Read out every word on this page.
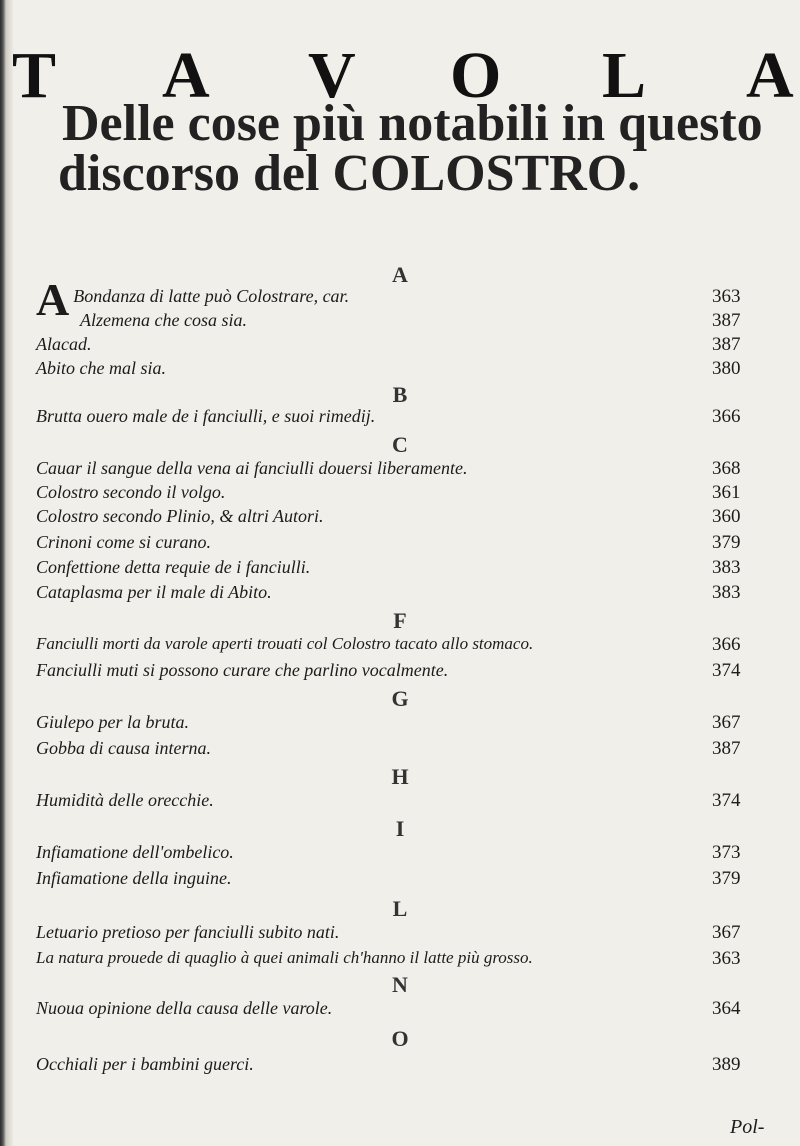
T A V O L A
Delle cose più notabili in questo
discorso del COLOSTRO.
A
A Bondanza di latte può Colostrare, car.	363
Alzemena che cosa sia.	387
Alacad.	387
Abito che mal sia.	380
B
Brutta ouero male de i fanciulli, e suoi rimedij.	366
C
Cauar il sangue della vena ai fanciulli douersi liberamente.	368
Colostro secondo il volgo.	361
Colostro secondo Plinio, & altri Autori.	360
Crinoni come si curano.	379
Confettione detta requie de i fanciulli.	383
Cataplasma per il male di Abito.	383
F
Fanciulli morti da varole aperti trouati col Colostro tacato allo stomaco.	366
Fanciulli muti si possono curare che parlino vocalmente.	374
G
Giulepo per la bruta.	367
Gobba di causa interna.	387
H
Humidità delle orecchie.	374
I
Infiamatione dell'ombelico.	373
Infiamatione della inguine.	379
L
Letuario pretioso per fanciulli subito nati.	367
La natura prouede di quaglio à quei animali ch'hanno il latte più grosso.	363
N
Nuoua opinione della causa delle varole.	364
O
Occhiali per i bambini guerci.	389
Pol-
